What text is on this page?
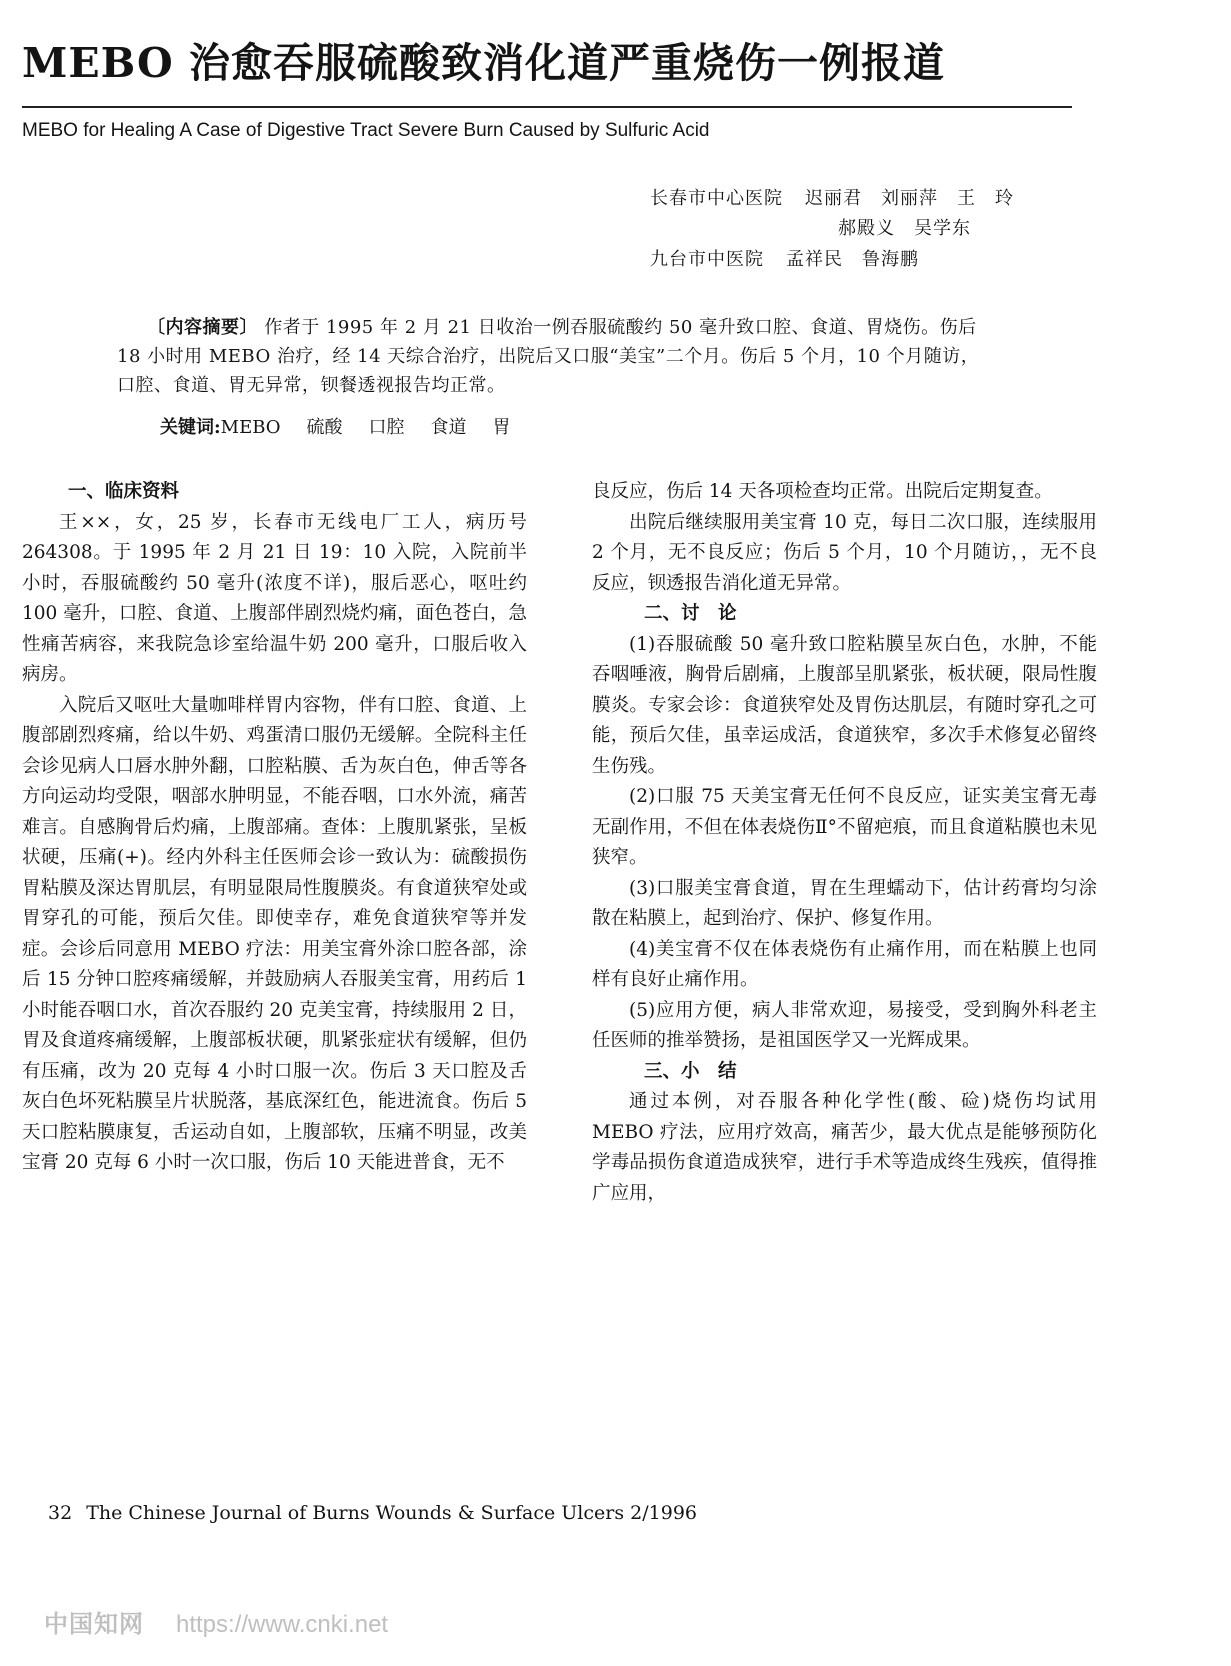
MEBO 治愈吞服硫酸致消化道严重烧伤一例报道
MEBO for Healing A Case of Digestive Tract Severe Burn Caused by Sulfuric Acid
长春市中心医院 迟丽君　刘丽萍　王　玲
郝殿义　吴学东
九台市中医院 孟祥民　鲁海鹏
〔内容摘要〕 作者于 1995 年 2 月 21 日收治一例吞服硫酸约 50 毫升致口腔、食道、胃烧伤。伤后 18 小时用 MEBO 治疗，经 14 天综合治疗，出院后又口服“美宝”二个月。伤后 5 个月，10 个月随访，口腔、食道、胃无异常，钡餐透视报告均正常。
关键词:MEBO 硫酸 口腔 食道 胃
一、临床资料

王××，女，25 岁，长春市无线电厂工人，病历号 264308。于 1995 年 2 月 21 日 19：10 入院，入院前半小时，吞服硫酸约 50 毫升(浓度不详)，服后恶心，呕吐约 100 毫升，口腔、食道、上腹部伴剧烈烧灼痛，面色苍白，急性痛苦病容，来我院急诊室给温牛奶 200 毫升，口服后收入病房。

入院后又呕吐大量咖啡样胃内容物，伴有口腔、食道、上腹部剧烈疼痛，给以牛奶、鸡蛋清口服仍无缓解。全院科主任会诊见病人口唇水肿外翻，口腔粘膜、舌为灰白色，伸舌等各方向运动均受限，咽部水肿明显，不能吞咽，口水外流，痛苦难言。自感胸骨后灼痛，上腹部痛。查体：上腹肌紧张，呈板状硬，压痛(+)。经内外科主任医师会诊一致认为：硫酸损伤胃粘膜及深达胃肌层，有明显限局性腹膜炎。有食道狭窄处或胃穿孔的可能，预后欠佳。即使幸存，难免食道狭窄等并发症。会诊后同意用 MEBO 疗法：用美宝膏外涂口腔各部，涂后 15 分钟口腔疼痛缓解，并鼓励病人吞服美宝膏，用药后 1 小时能吞咽口水，首次吞服约 20 克美宝膏，持续服用 2 日，胃及食道疼痛缓解，上腹部板状硬，肌紧张症状有缓解，但仍有压痛，改为 20 克每 4 小时口服一次。伤后 3 天口腔及舌灰白色坏死粘膜呈片状脱落，基底深红色，能进流食。伤后 5 天口腔粘膜康复，舌运动自如，上腹部软，压痛不明显，改美宝膏 20 克每 6 小时一次口服，伤后 10 天能进普食，无不

良反应，伤后 14 天各项检查均正常。出院后定期复查。

出院后继续服用美宝膏 10 克，每日二次口服，连续服用 2 个月，无不良反应；伤后 5 个月，10 个月随访，，无不良反应，钡透报告消化道无异常。

二、讨　论

(1)吞服硫酸 50 毫升致口腔粘膜呈灰白色，水肿，不能吞咽唾液，胸骨后剧痛，上腹部呈肌紧张，板状硬，限局性腹膜炎。专家会诊：食道狭窄处及胃伤达肌层，有随时穿孔之可能，预后欠佳，虽幸运成活，食道狭窄，多次手术修复必留终生伤残。

(2)口服 75 天美宝膏无任何不良反应，证实美宝膏无毒无副作用，不但在体表烧伤Ⅱ°不留疤痕，而且食道粘膜也未见狭窄。

(3)口服美宝膏食道，胃在生理蠕动下，估计药膏均匀涂散在粘膜上，起到治疗、保护、修复作用。

(4)美宝膏不仅在体表烧伤有止痛作用，而在粘膜上也同样有良好止痛作用。

(5)应用方便，病人非常欢迎，易接受，受到胸外科老主任医师的推举赞扬，是祖国医学又一光辉成果。

三、小　结

通过本例，对吞服各种化学性(酸、硷)烧伤均试用 MEBO 疗法，应用疗效高，痛苦少，最大优点是能够预防化学毒品损伤食道造成狭窄，进行手术等造成终生残疾，值得推广应用，

32 The Chinese Journal of Burns Wounds & Surface Ulcers 2/1996
中国知网 https://www.cnki.net
